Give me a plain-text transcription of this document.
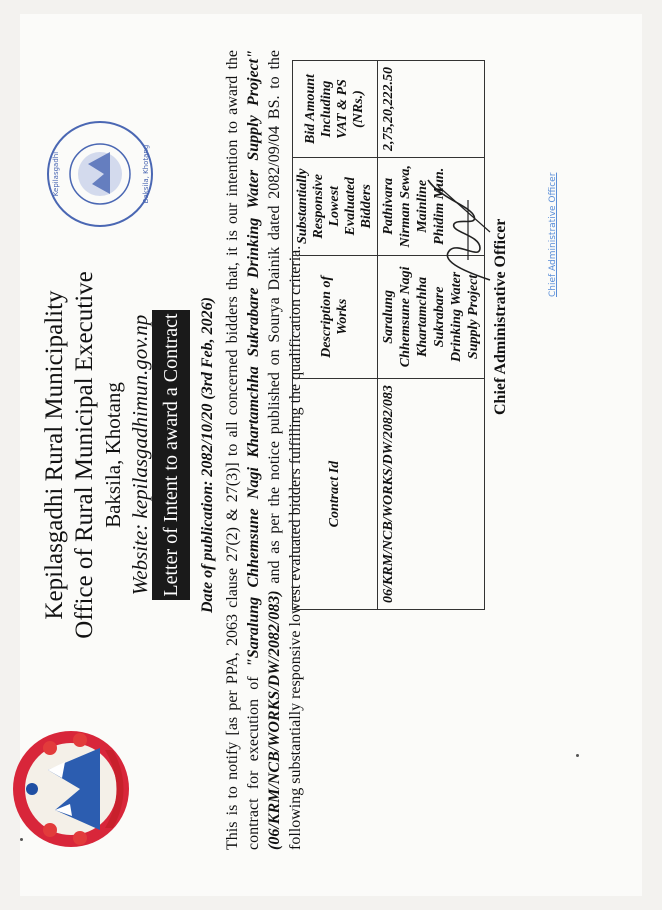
Kepilasgadhi	Baksila, Khotang
Kepilasgadhi Rural Municipality Office of Rural Municipal Executive Baksila, Khotang Website: kepilasgadhimun.gov.np Letter of Intent to award a Contract	Date of publication: 2082/10/20 (3rd Feb, 2026) This is to notify [as per PPA, 2063 clause 27(2) & 27(3)] to all concerned bidders that, it is our intention to award the contract for execution of "Saralung Chhemsune Nagi Khartamchha Sukrabare Drinking Water Supply Project" (06/KRM/NCB/WORKS/DW/2082/083) and as per the notice published on Sourya Dainik dated 2082/09/04 BS. to the following substantially responsive lowest evaluated bidders fulfilling the qualification criteria. Contract Id	Description of Works	Substantially Responsive Lowest Evaluated Bidders	Bid Amount Including VAT & PS (NRs.)
06/KRM/NCB/WORKS/DW/2082/083	Saralung Chhemsune Nagi Khartamchha Sukrabare Drinking Water Supply Project	Pathivara Nirman Sewa, Mainline Phidim Mun.	2,75,20,222.50
Chief Administrative Officer
Chief Administrative Officer
